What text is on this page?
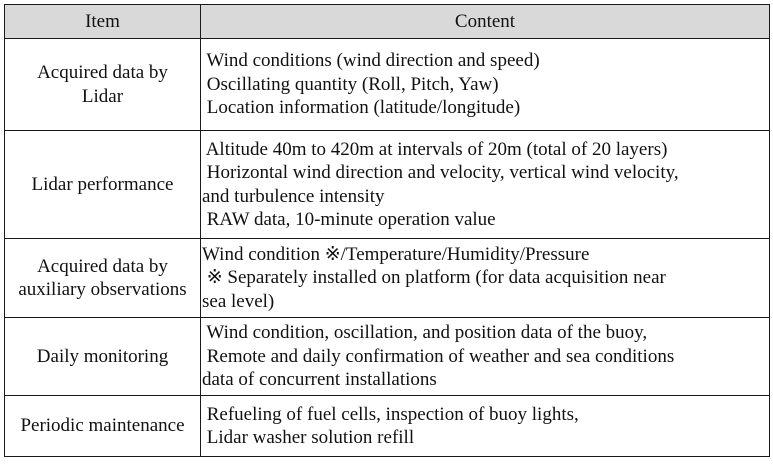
Item	Content

Acquired data by Lidar	Wind conditions (wind direction and speed)
Oscillating quantity (Roll, Pitch, Yaw)
Location information (latitude/longitude)

Lidar performance	Altitude 40m to 420m at intervals of 20m (total of 20 layers)
Horizontal wind direction and velocity, vertical wind velocity,
and turbulence intensity
RAW data, 10-minute operation value

Acquired data by auxiliary observations	Wind condition ※/Temperature/Humidity/Pressure
※ Separately installed on platform (for data acquisition near
sea level)

Daily monitoring	Wind condition, oscillation, and position data of the buoy,
Remote and daily confirmation of weather and sea conditions
data of concurrent installations

Periodic maintenance	Refueling of fuel cells, inspection of buoy lights,
Lidar washer solution refill
